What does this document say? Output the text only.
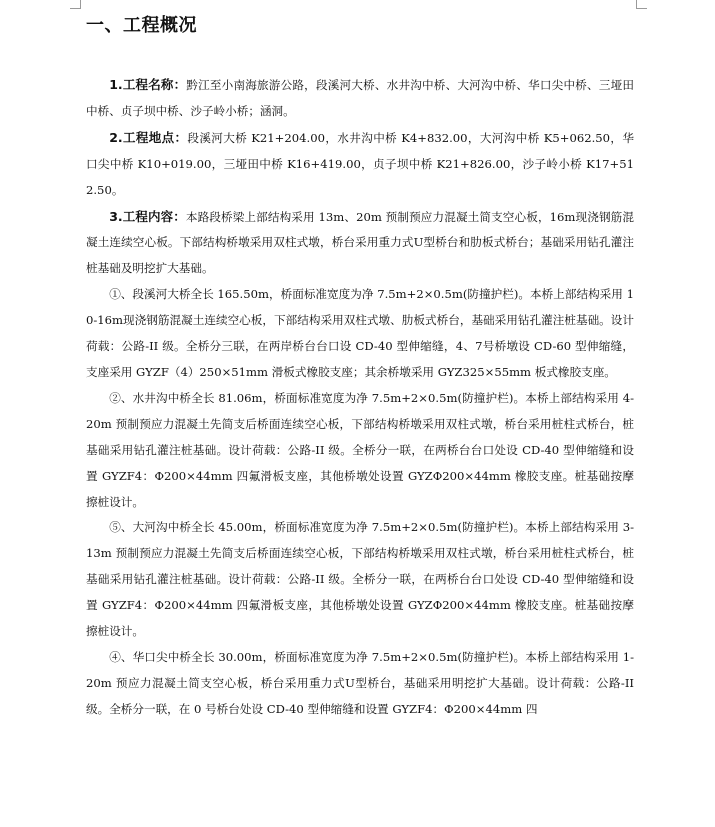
一、工程概况

1.工程名称：黔江至小南海旅游公路，段溪河大桥、水井沟中桥、大河沟中桥、华口尖中桥、三垭田中桥、贞子坝中桥、沙子岭小桥；涵洞。

2.工程地点：段溪河大桥 K21+204.00，水井沟中桥 K4+832.00，大河沟中桥 K5+062.50，华口尖中桥 K10+019.00，三垭田中桥 K16+419.00，贞子坝中桥 K21+826.00，沙子岭小桥 K17+512.50。

3.工程内容：本路段桥梁上部结构采用 13m、20m 预制预应力混凝土简支空心板，16m现浇钢筋混凝土连续空心板。下部结构桥墩采用双柱式墩，桥台采用重力式U型桥台和肋板式桥台；基础采用钻孔灌注桩基础及明挖扩大基础。

①、段溪河大桥全长 165.50m，桥面标准宽度为净 7.5m+2×0.5m(防撞护栏)。本桥上部结构采用 10-16m现浇钢筋混凝土连续空心板，下部结构采用双柱式墩、肋板式桥台，基础采用钻孔灌注桩基础。设计荷载：公路-II 级。全桥分三联，在两岸桥台台口设 CD-40 型伸缩缝，4、7号桥墩设 CD-60 型伸缩缝，支座采用 GYZF（4）250×51mm 滑板式橡胶支座；其余桥墩采用 GYZ325×55mm 板式橡胶支座。

②、水井沟中桥全长 81.06m，桥面标准宽度为净 7.5m+2×0.5m(防撞护栏)。本桥上部结构采用 4-20m 预制预应力混凝土先简支后桥面连续空心板，下部结构桥墩采用双柱式墩，桥台采用桩柱式桥台，桩基础采用钻孔灌注桩基础。设计荷载：公路-II 级。全桥分一联，在两桥台台口处设 CD-40 型伸缩缝和设置 GYZF4：Φ200×44mm 四氟滑板支座，其他桥墩处设置 GYZΦ200×44mm 橡胶支座。桩基础按摩擦桩设计。

⑤、大河沟中桥全长 45.00m，桥面标准宽度为净 7.5m+2×0.5m(防撞护栏)。本桥上部结构采用 3-13m 预制预应力混凝土先简支后桥面连续空心板，下部结构桥墩采用双柱式墩，桥台采用桩柱式桥台，桩基础采用钻孔灌注桩基础。设计荷载：公路-II 级。全桥分一联，在两桥台台口处设 CD-40 型伸缩缝和设置 GYZF4：Φ200×44mm 四氟滑板支座，其他桥墩处设置 GYZΦ200×44mm 橡胶支座。桩基础按摩擦桩设计。

④、华口尖中桥全长 30.00m，桥面标准宽度为净 7.5m+2×0.5m(防撞护栏)。本桥上部结构采用 1-20m 预应力混凝土简支空心板，桥台采用重力式U型桥台，基础采用明挖扩大基础。设计荷载：公路-II 级。全桥分一联，在 0 号桥台处设 CD-40 型伸缩缝和设置 GYZF4：Φ200×44mm 四
